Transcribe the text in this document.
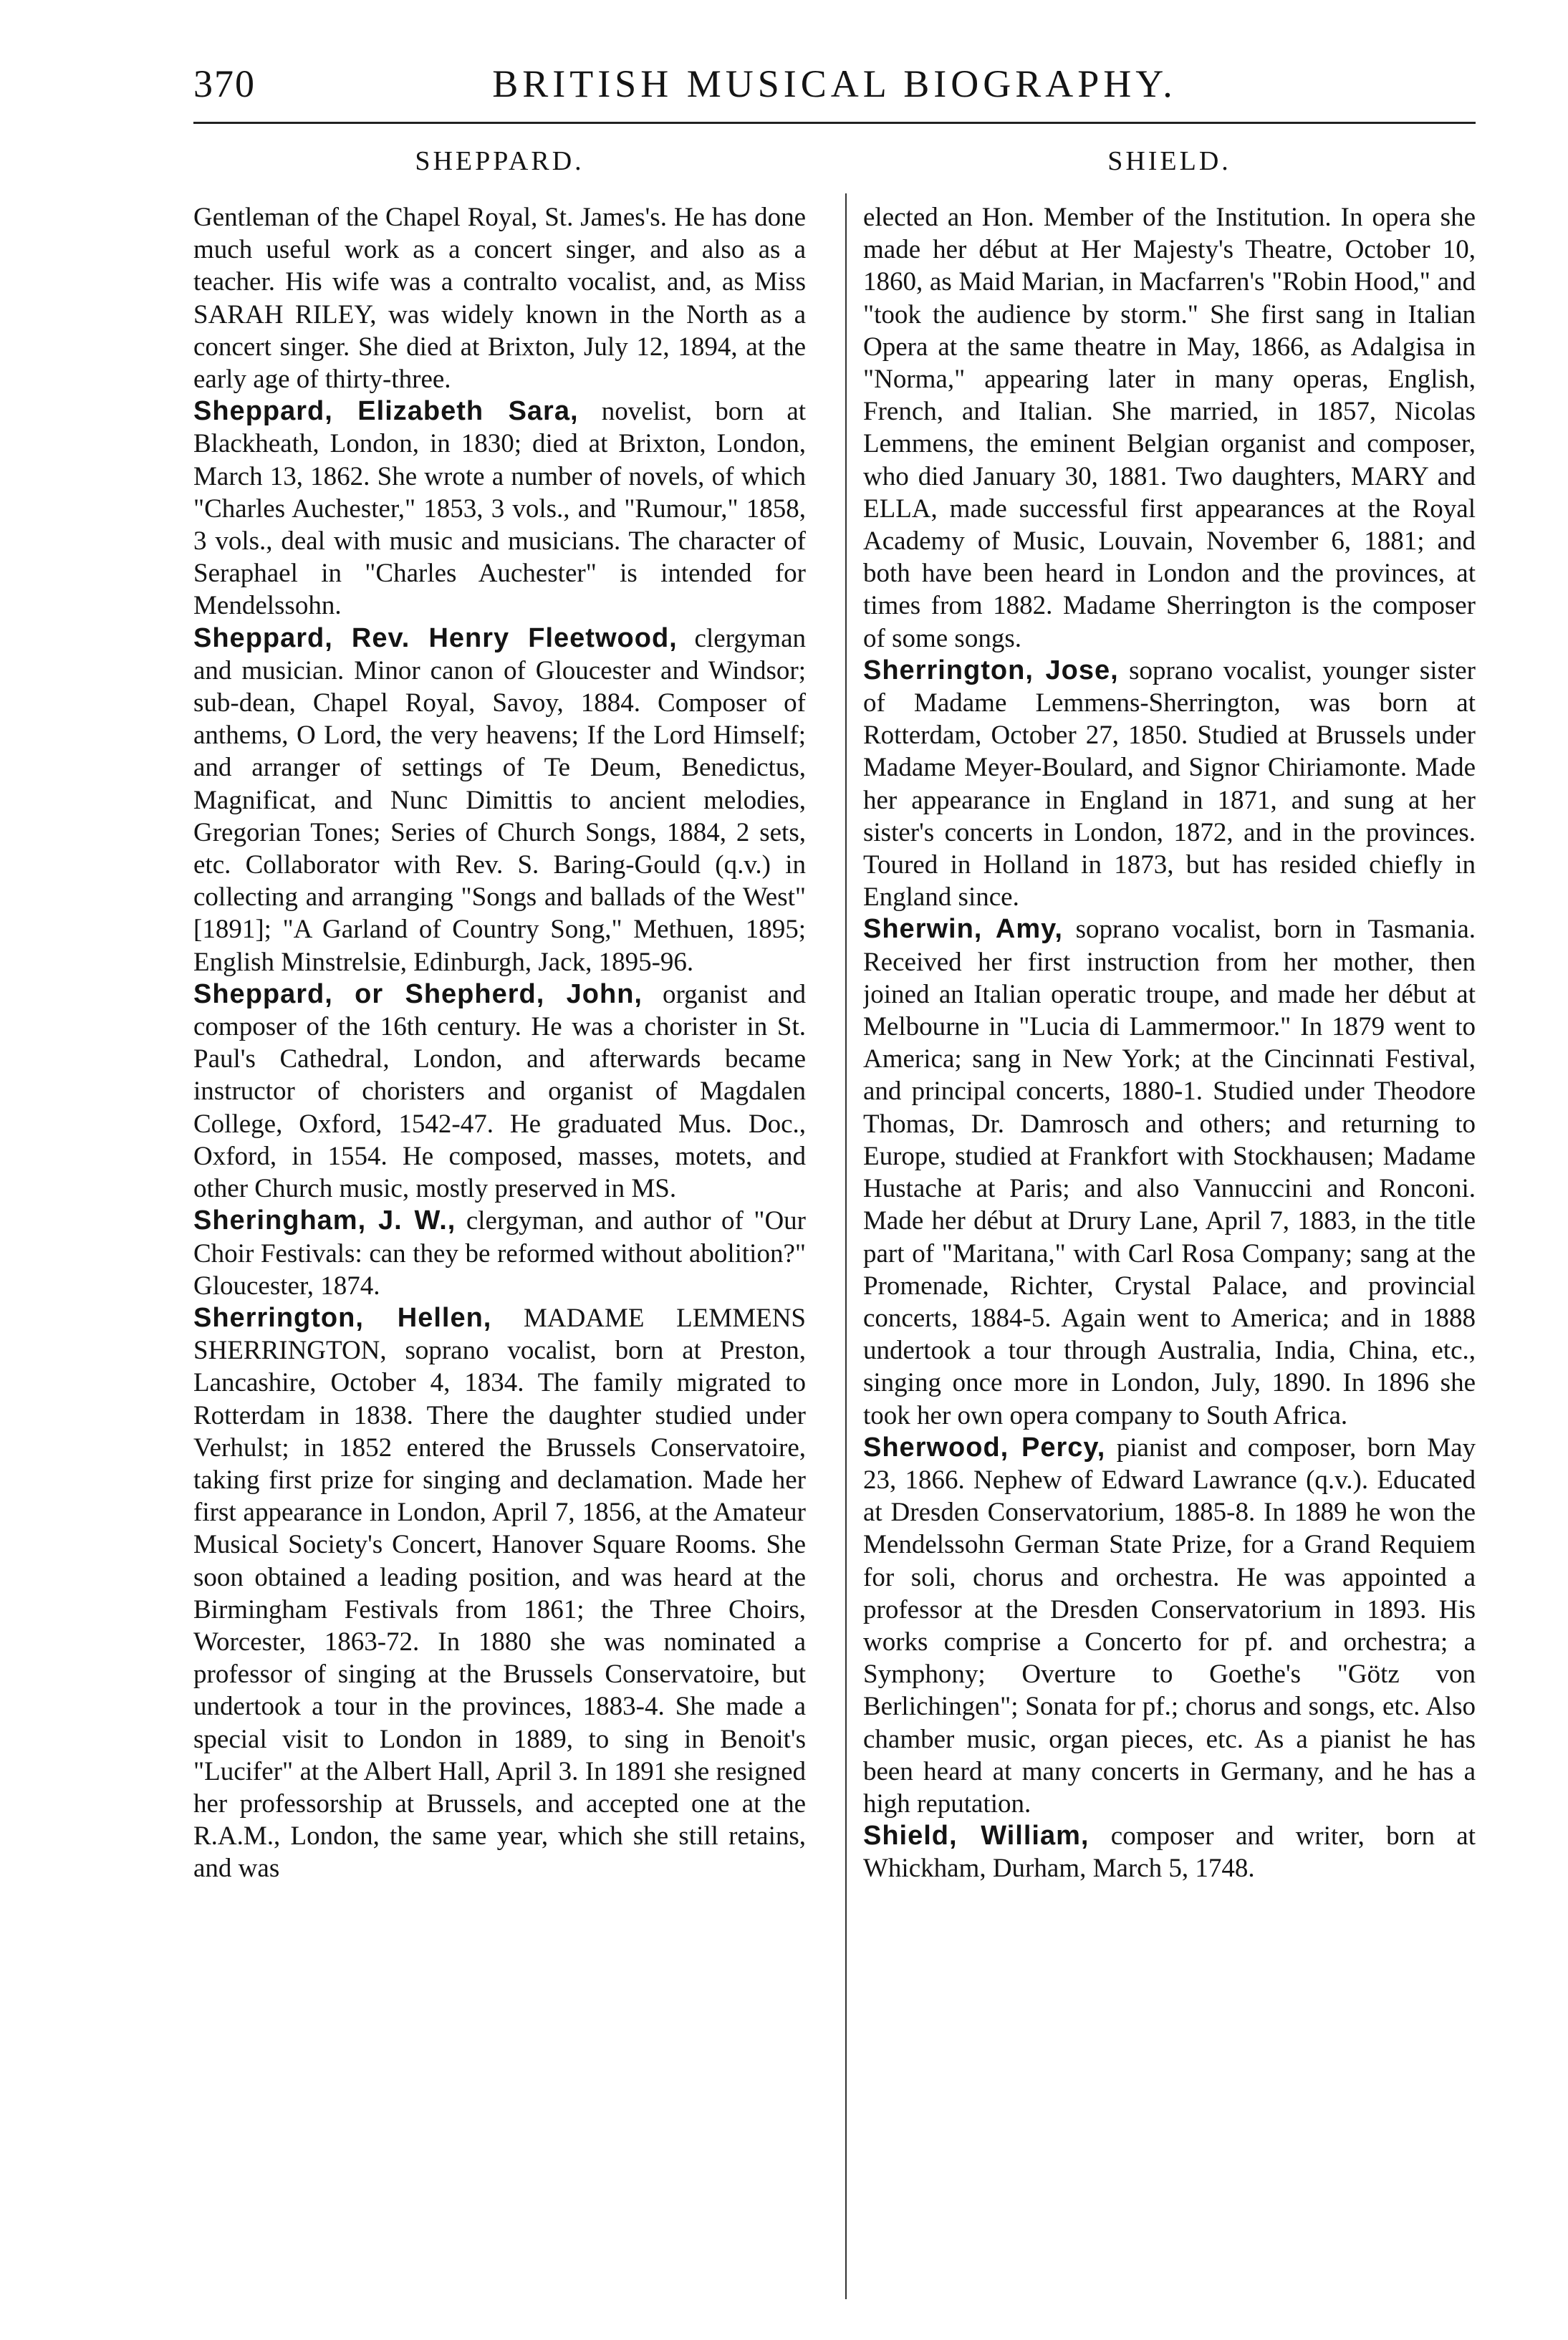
370	BRITISH MUSICAL BIOGRAPHY.
SHEPPARD.

Gentleman of the Chapel Royal, St. James's. He has done much useful work as a concert singer, and also as a teacher. His wife was a contralto vocalist, and, as Miss SARAH RILEY, was widely known in the North as a concert singer. She died at Brixton, July 12, 1894, at the early age of thirty-three.

Sheppard, Elizabeth Sara, novelist, born at Blackheath, London, in 1830; died at Brixton, London, March 13, 1862. She wrote a number of novels, of which "Charles Auchester," 1853, 3 vols., and "Rumour," 1858, 3 vols., deal with music and musicians. The character of Seraphael in "Charles Auchester" is intended for Mendelssohn.

Sheppard, Rev. Henry Fleetwood, clergyman and musician. Minor canon of Gloucester and Windsor; sub-dean, Chapel Royal, Savoy, 1884. Composer of anthems, O Lord, the very heavens; If the Lord Himself; and arranger of settings of Te Deum, Benedictus, Magnificat, and Nunc Dimittis to ancient melodies, Gregorian Tones; Series of Church Songs, 1884, 2 sets, etc. Collaborator with Rev. S. Baring-Gould (q.v.) in collecting and arranging "Songs and ballads of the West" [1891]; "A Garland of Country Song," Methuen, 1895; English Minstrelsie, Edinburgh, Jack, 1895-96.

Sheppard, or Shepherd, John, organist and composer of the 16th century. He was a chorister in St. Paul's Cathedral, London, and afterwards became instructor of choristers and organist of Magdalen College, Oxford, 1542-47. He graduated Mus. Doc., Oxford, in 1554. He composed, masses, motets, and other Church music, mostly preserved in MS.

Sheringham, J. W., clergyman, and author of "Our Choir Festivals: can they be reformed without abolition?" Gloucester, 1874.

Sherrington, Hellen, MADAME LEMMENS SHERRINGTON, soprano vocalist, born at Preston, Lancashire, October 4, 1834. The family migrated to Rotterdam in 1838. There the daughter studied under Verhulst; in 1852 entered the Brussels Conservatoire, taking first prize for singing and declamation. Made her first appearance in London, April 7, 1856, at the Amateur Musical Society's Concert, Hanover Square Rooms. She soon obtained a leading position, and was heard at the Birmingham Festivals from 1861; the Three Choirs, Worcester, 1863-72. In 1880 she was nominated a professor of singing at the Brussels Conservatoire, but undertook a tour in the provinces, 1883-4. She made a special visit to London in 1889, to sing in Benoit's "Lucifer" at the Albert Hall, April 3. In 1891 she resigned her professorship at Brussels, and accepted one at the R.A.M., London, the same year, which she still retains, and was

SHIELD.

elected an Hon. Member of the Institution. In opera she made her début at Her Majesty's Theatre, October 10, 1860, as Maid Marian, in Macfarren's "Robin Hood," and "took the audience by storm." She first sang in Italian Opera at the same theatre in May, 1866, as Adalgisa in "Norma," appearing later in many operas, English, French, and Italian. She married, in 1857, Nicolas Lemmens, the eminent Belgian organist and composer, who died January 30, 1881. Two daughters, MARY and ELLA, made successful first appearances at the Royal Academy of Music, Louvain, November 6, 1881; and both have been heard in London and the provinces, at times from 1882. Madame Sherrington is the composer of some songs.

Sherrington, Jose, soprano vocalist, younger sister of Madame Lemmens-Sherrington, was born at Rotterdam, October 27, 1850. Studied at Brussels under Madame Meyer-Boulard, and Signor Chiriamonte. Made her appearance in England in 1871, and sung at her sister's concerts in London, 1872, and in the provinces. Toured in Holland in 1873, but has resided chiefly in England since.

Sherwin, Amy, soprano vocalist, born in Tasmania. Received her first instruction from her mother, then joined an Italian operatic troupe, and made her début at Melbourne in "Lucia di Lammermoor." In 1879 went to America; sang in New York; at the Cincinnati Festival, and principal concerts, 1880-1. Studied under Theodore Thomas, Dr. Damrosch and others; and returning to Europe, studied at Frankfort with Stockhausen; Madame Hustache at Paris; and also Vannuccini and Ronconi. Made her début at Drury Lane, April 7, 1883, in the title part of "Maritana," with Carl Rosa Company; sang at the Promenade, Richter, Crystal Palace, and provincial concerts, 1884-5. Again went to America; and in 1888 undertook a tour through Australia, India, China, etc., singing once more in London, July, 1890. In 1896 she took her own opera company to South Africa.

Sherwood, Percy, pianist and composer, born May 23, 1866. Nephew of Edward Lawrance (q.v.). Educated at Dresden Conservatorium, 1885-8. In 1889 he won the Mendelssohn German State Prize, for a Grand Requiem for soli, chorus and orchestra. He was appointed a professor at the Dresden Conservatorium in 1893. His works comprise a Concerto for pf. and orchestra; a Symphony; Overture to Goethe's "Götz von Berlichingen"; Sonata for pf.; chorus and songs, etc. Also chamber music, organ pieces, etc. As a pianist he has been heard at many concerts in Germany, and he has a high reputation.

Shield, William, composer and writer, born at Whickham, Durham, March 5, 1748.
